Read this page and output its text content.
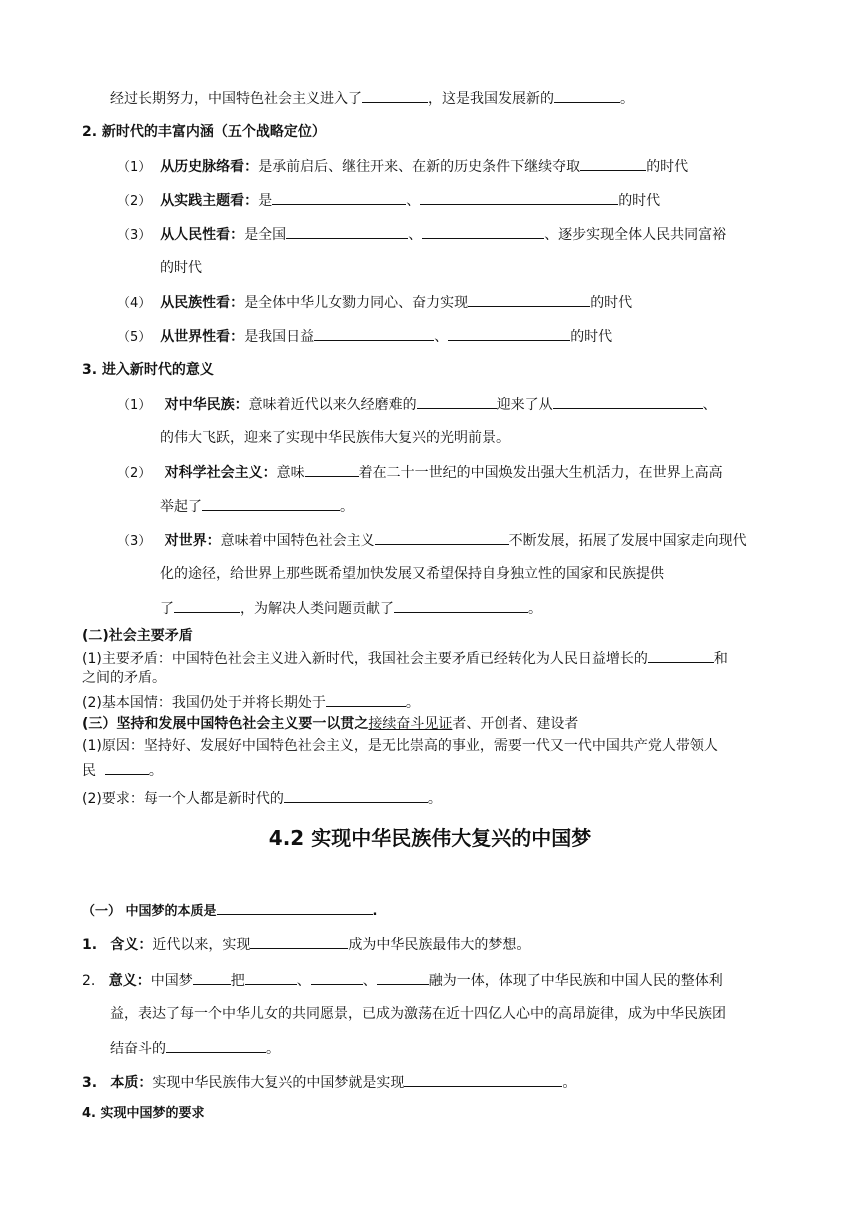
经过长期努力，中国特色社会主义进入了	，这是我国发展新的	。
2. 新时代的丰富内涵（五个战略定位）
（1） 从历史脉络看：是承前启后、继往开来、在新的历史条件下继续夺取	的时代
（2） 从实践主题看：是	、	的时代
（3） 从人民性看：是全国	、	、逐步实现全体人民共同富裕
的时代
（4） 从民族性看：是全体中华儿女勠力同心、奋力实现	的时代
（5） 从世界性看：是我国日益	、	的时代
3. 进入新时代的意义
（1） 对中华民族：意味着近代以来久经磨难的	迎来了从	、
的伟大飞跃，迎来了实现中华民族伟大复兴的光明前景。
（2） 对科学社会主义：意味	着在二十一世纪的中国焕发出强大生机活力，在世界上高高
举起了	。
（3） 对世界：意味着中国特色社会主义	不断发展，拓展了发展中国家走向现代
化的途径，给世界上那些既希望加快发展又希望保持自身独立性的国家和民族提供
了	，为解决人类问题贡献了	。
(二)社会主要矛盾
(1)主要矛盾：中国特色社会主义进入新时代，我国社会主要矛盾已经转化为人民日益增长的	和
之间的矛盾。
(2)基本国情：我国仍处于并将长期处于	。
(三）坚持和发展中国特色社会主义要一以贯之接续奋斗见证者、开创者、建设者
(1)原因：坚持好、发展好中国特色社会主义，是无比崇高的事业，需要一代又一代中国共产党人带领人
民	。
(2)要求：每一个人都是新时代的	。
4.2 实现中华民族伟大复兴的中国梦
（一） 中国梦的本质是	.
1. 含义：近代以来，实现	成为中华民族最伟大的梦想。
2. 意义：中国梦	把	、	、	融为一体，体现了中华民族和中国人民的整体利
益，表达了每一个中华儿女的共同愿景，已成为激荡在近十四亿人心中的高昂旋律，成为中华民族团
结奋斗的	。
3. 本质：实现中华民族伟大复兴的中国梦就是实现	。
4. 实现中国梦的要求
